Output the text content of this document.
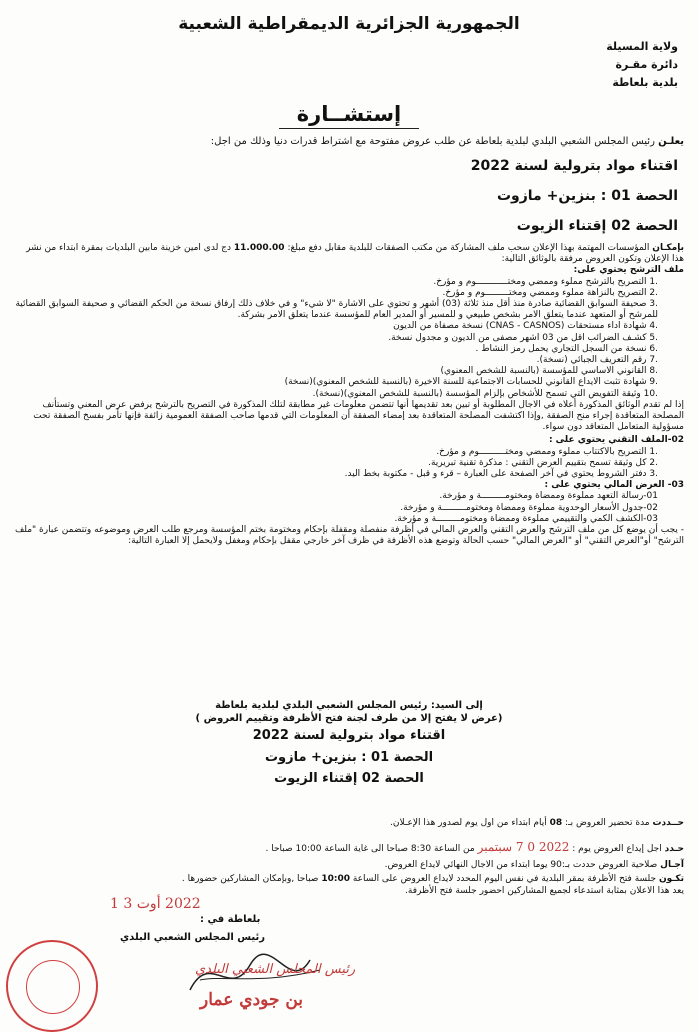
الجمهورية الجزائرية الديمقراطية الشعبية
ولاية المسيلة
دائرة مقـرة
بلدية بلعاطة
إستشــارة
يعلـن رئيس المجلس الشعبي البلدي لبلدية بلعاطة عن طلب عروض مفتوحة مع اشتراط قدرات دنيا وذلك من اجل:
اقتناء مواد بترولية لسنة 2022
الحصة 01 : بنزين+ مازوت
الحصة 02 إقتناء الزيوت
بإمكـان المؤسسات المهتمة بهذا الإعلان سحب ملف المشاركة من مكتب الصفقات للبلدية مقابل دفع مبلغ: 11.000.00 دج لدى امين خزينة مابين البلديات بمقرة ابتداء من نشر هذا الإعلان وتكون العروض مرفقة بالوثائق التالية:
ملف الترشح يحتوي على:
.1 التصريح بالترشح مملوء وممضي ومختــــــــــــوم و مؤرخ.
.2 التصريح بالنزاهة مملوء وممضي ومختـــــــــوم و مؤرخ.
.3 صحيفة السوابق القضائية صادرة منذ أقل منذ ثلاثة (03) أشهر و تحتوي على الاشارة "لا شيء" و في خلاف ذلك إرفاق نسخة من الحكم القضائي و صحيفة السوابق القضائية للمرشح أو المتعهد عندما يتعلق الامر بشخص طبيعي و للمسير أو المدير العام للمؤسسة عندما يتعلق الامر بشركة.
.4 شهادة اداء مستحقات (CNAS - CASNOS) نسخة مصفاة من الديون
.5 كشـف الضرائب اقل من 03 اشهر مصفى من الديون و مجدول نسخة.
.6 نسخة من السجل التجاري يحمل رمز النشاط .
.7 رقم التعريف الجبائي (نسخة).
.8 القانوني الاساسي للمؤسسة (بالنسبة للشخص المعنوي)
.9 شهادة تثبت الايداع القانوني للحسابات الاجتماعية للسنة الاخيرة (بالنسبة للشخص المعنوي)(نسخة)
.10 وثيقة التفويض التي تسمح للأشخاص بإلزام المؤسسة (بالنسبة للشخص المعنوي)(نسخة).
إذا لم تقدم الوثائق المذكورة أعلاه في الاجال المطلوبة أو تبين بعد تقديمها أنها تتضمن معلومات غير مطابقة لتلك المذكورة في التصريح بالترشح يرفض عرض المعني وتستأنف المصلحة المتعاقدة إجراء منح الصفقة ,وإذا اكتشفت المصلحة المتعاقدة بعد إمضاء الصفقة أن المعلومات التي قدمها صاحب الصفقة العمومية زائفة فإنها تأمر بفسخ الصفقة تحت مسؤولية المتعامل المتعاقد دون سواء.
02-الملف التقني يحتوي على :
.1 التصريح بالاكتتاب مملوء وممضي ومختــــــــــوم و مؤرخ.
.2 كل وثيقة تسمح بتقييم العرض التقني : مذكرة تقنية تبريرية.
.3 دفتر الشروط يحتوي في آخر الصفحة على العبارة – قرء و قبل - مكتوبة بخط اليد.
03- العرض المالي يحتوي على :
01-رسالة التعهد مملوءة وممضاة ومختومـــــــــة و مؤرخة.
02-جدول الأسعار الوحدوية مملوءة وممضاة ومختومـــــــــة و مؤرخة.
03-الكشف الكمي والتقييمي مملوءة وممضاة ومختومـــــــــة و مؤرخة.
- يجب أن يوضع كل من ملف الترشح والعرض التقني والعرض المالي في أظرفة منفصلة ومقفلة بإحكام ومختومة بختم المؤسسة ومرجع طلب العرض وموضوعه وتتضمن عبارة "ملف الترشح" أو"العرض التقني" أو "العرض المالي" حسب الحالة وتوضع هذه الأظرفة في ظرف آخر خارجي مقفل بإحكام ومغفل ولايحمل إلا العبارة التالية:
إلى السيد: رئيس المجلس الشعبي البلدي لبلدية بلعاطة
(عرض لا يفتح إلا من طرف لجنة فتح الأظرفة وتقييم العروض )
اقتناء مواد بترولية لسنة 2022
الحصة 01 : بنزين+ مازوت
الحصة 02 إقتناء الزيوت
حــددت مدة تحضير العروض بـ: 08 أيام ابتداء من اول يوم لصدور هذا الإعـلان.
حـدد اجل إيداع العروض يوم : 2022 0 7 سبتمبر من الساعة 8:30 صباحا الى غاية الساعة 10:00 صباحا .
آجـال صلاحية العروض حددت بـ:90 يوما ابتداء من الاجال النهائي لايداع العروض.
تكـون جلسة فتح الأظرفة بمقر البلدية في نفس اليوم المحدد لايداع العروض على الساعة 10:00 صباحا ,وبإمكان المشاركين حضورها .
يعد هذا الاعلان بمثابة استدعاء لجميع المشاركين احضور جلسة فتح الأظرفة.
2022 أوت 3 1
بلعاطة في :
رئيس المجلس الشعبي البلدي
رئيس المجلس الشعبي البلدي
بن جودي عمار
